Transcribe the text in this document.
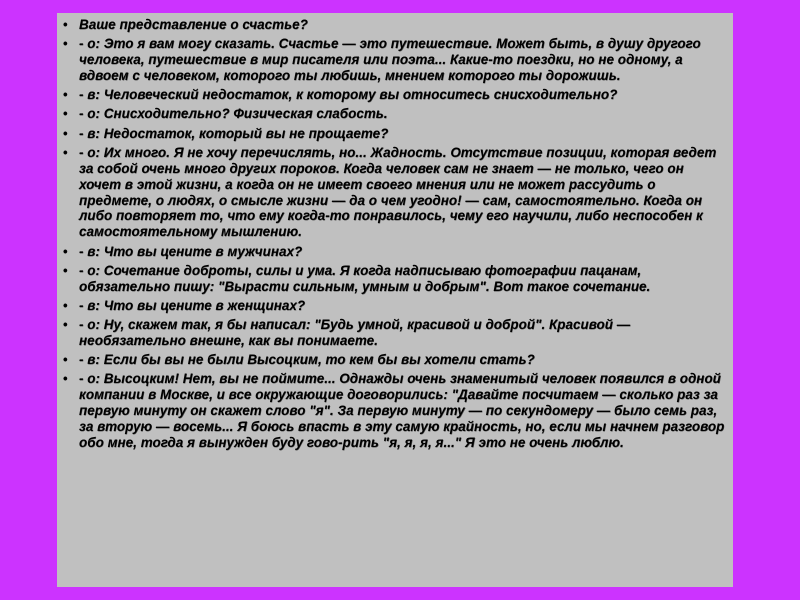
• Ваше представление о счастье?
• - о: Это я вам могу сказать. Счастье — это путешествие. Может быть, в душу другого человека, путешествие в мир писателя или поэта... Какие-то поездки, но не одному, а вдвоем с человеком, которого ты любишь, мнением которого ты дорожишь.
• - в: Человеческий недостаток, к которому вы относитесь снисходительно?
• - о: Снисходительно? Физическая слабость.
• - в: Недостаток, который вы не прощаете?
• - о: Их много. Я не хочу перечислять, но... Жадность. Отсутствие позиции, которая ведет за собой очень много других пороков. Когда человек сам не знает — не только, чего он хочет в этой жизни, а когда он не имеет своего мнения или не может рассудить о предмете, о людях, о смысле жизни — да о чем угодно! — сам, самостоятельно. Когда он либо повторяет то, что ему когда-то понравилось, чему его научили, либо неспособен к самостоятельному мышлению.
• - в: Что вы цените в мужчинах?
• - о: Сочетание доброты, силы и ума. Я когда надписываю фотографии пацанам, обязательно пишу: "Вырасти сильным, умным и добрым". Вот такое сочетание.
• - в: Что вы цените в женщинах?
• - о: Ну, скажем так, я бы написал: "Будь умной, красивой и доброй". Красивой — необязательно внешне, как вы понимаете.
• - в: Если бы вы не были Высоцким, то кем бы вы хотели стать?
• - о: Высоцким! Нет, вы не поймите... Однажды очень знаменитый человек появился в одной компании в Москве, и все окружающие договорились: "Давайте посчитаем — сколько раз за первую минуту он скажет слово "я". За первую минуту — по секундомеру — было семь раз, за вторую — восемь... Я боюсь впасть в эту самую крайность, но, если мы начнем разговор обо мне, тогда я вынужден буду гово-рить "я, я, я, я..." Я это не очень люблю.
